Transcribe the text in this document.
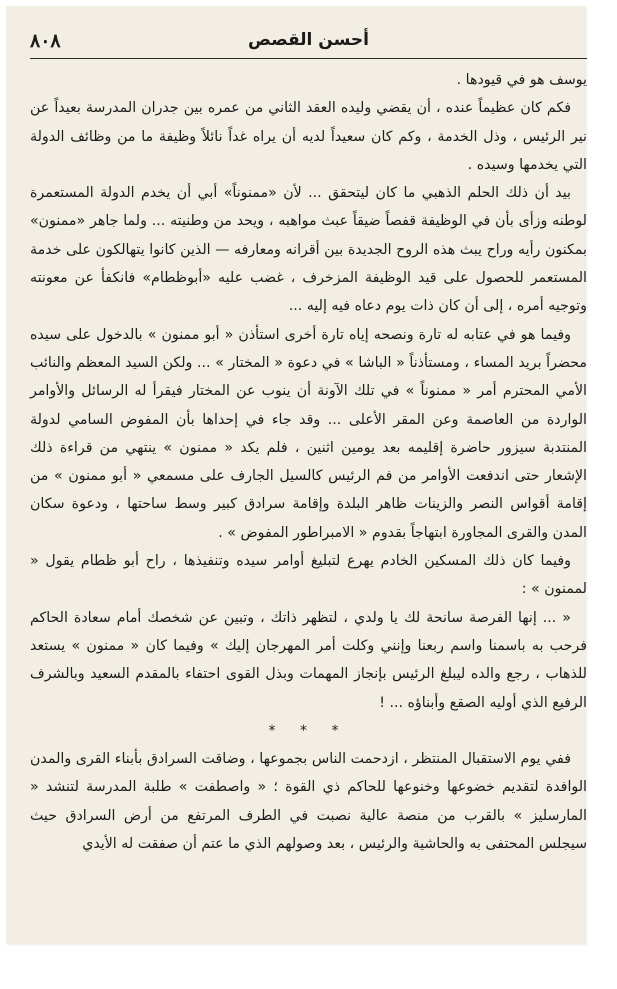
٨٠٨	أحسن القصص

يوسف هو في قيودها .

فكم كان عظيماً عنده ، أن يقضي وليده العقد الثاني من عمره بين جدران المدرسة بعيداً عن نير الرئيس ، وذل الخدمة ، وكم كان سعيداً لديه أن يراه غداً نائلاً وظيفة ما من وظائف الدولة التي يخدمها وسيده .

بيد أن ذلك الحلم الذهبي ما كان ليتحقق ... لأن «ممنوناً» أبي أن يخدم الدولة المستعمرة لوطنه وزأى بأن في الوظيفة قفصاً ضيقاً عبث مواهبه ، ويحد من وطنيته ... ولما جاهر «ممنون» بمكنون رأيه وراح يبث هذه الروح الجديدة بين أقرانه ومعارفه — الذين كانوا يتهالكون على خدمة المستعمر للحصول على قيد الوظيفة المزخرف ، غضب عليه «أبوظطام» فانكفأ عن معونته وتوجيه أمره ، إلى أن كان ذات يوم دعاه فيه إليه ...

وفيما هو في عتابه له تارة ونصحه إياه تارة أخرى استأذن « أبو ممنون » بالدخول على سيده محضراً بريد المساء ، ومستأذناً « الباشا » في دعوة « المختار » ... ولكن السيد المعظم والنائب الأمي المحترم أمر « ممنوناً » في تلك الآونة أن ينوب عن المختار فيقرأ له الرسائل والأوامر الواردة من العاصمة وعن المقر الأعلى ... وقد جاء في إحداها بأن المفوض السامي لدولة المنتدبة سيزور حاضرة إقليمه بعد يومين اثنين ، فلم يكد « ممنون » ينتهي من قراءة ذلك الإشعار حتى اندفعت الأوامر من فم الرئيس كالسيل الجارف على مسمعي « أبو ممنون » من إقامة أقواس النصر والزينات ظاهر البلدة وإقامة سرادق كبير وسط ساحتها ، ودعوة سكان المدن والقرى المجاورة ابتهاجاً بقدوم « الامبراطور المفوض » .

وفيما كان ذلك المسكين الخادم يهرع لتبليغ أوامر سيده وتنفيذها ، راح أبو ظطام يقول « لممنون » :

« ... إنها الفرصة سانحة لك يا ولدي ، لتظهر ذاتك ، وتبين عن شخصك أمام سعادة الحاكم فرحب به باسمنا واسم ربعنا وإنني وكلت أمر المهرجان إليك » وفيما كان « ممنون » يستعد للذهاب ، رجع والده ليبلغ الرئيس بإنجاز المهمات وبذل القوى احتفاء بالمقدم السعيد وبالشرف الرفيع الذي أوليه الصقع وأبناؤه ... !

* * *

ففي يوم الاستقبال المنتظر ، ازدحمت الناس بجموعها ، وضاقت السرادق بأبناء القرى والمدن الوافدة لتقديم خضوعها وخنوعها للحاكم ذي القوة ؛ « واصطفت » طلبة المدرسة لتنشد « المارسليز » بالقرب من منصة عالية نصبت في الطرف المرتفع من أرض السرادق حيث سيجلس المحتفى به والحاشية والرئيس ، بعد وصولهم الذي ما عتم أن صفقت له الأيدي
